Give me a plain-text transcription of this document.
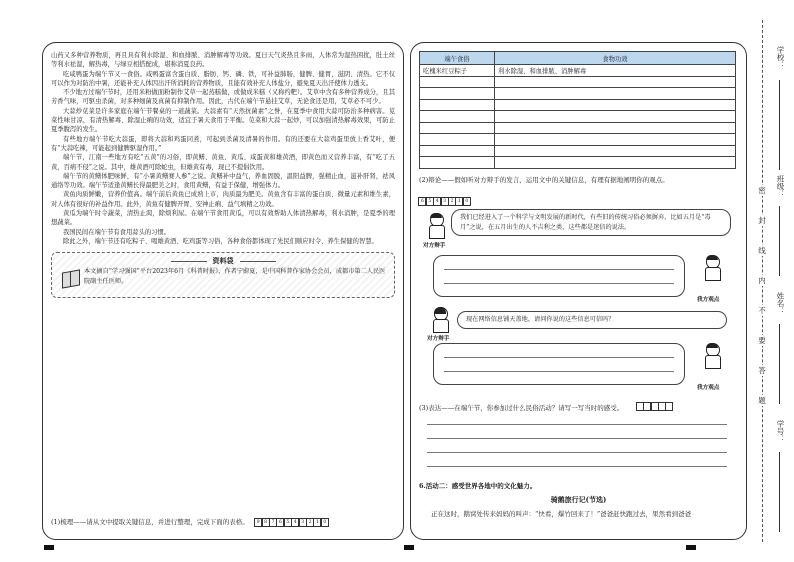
山药又多种营养物质，再且具有利水除湿、和血排脓、消肿解毒等功效。夏日天气炎热且多雨，人体常为湿热困扰，肚土丝等利水祛湿，解热毒，与绿豆相搭配成，堪称消夏良药。

吃咸鸭蛋为端午节又一食俗。咸鸭蛋富含蛋白质、脂肪、钙、磷、铁，可补益肺肠，健脾、健胃、滋阴、清热。它不仅可以作为对防治中暑，还能补充人体因出汗所消耗的营养物质，且能有效补充人体盐分，避免夏天出汗使体力透支。

不少地方过端午节时，还用米粉做面粉制作艾草一起蒸糕做，或做成米糕（又称约粑）。艾草中含有多种营养成分，且其芳香气味，可驱虫杀菌，对多种细菌及真菌有抑制作用。因此，古代在端午节悬挂艾草，无论食还是用，艾草必不可少。

大蒜炒苋菜是许多家庭在端午节餐桌的一道蔬菜。大蒜素有“天然抗菌素”之誉，在夏季中食用大蒜可防治多种病害。苋菜性味甘凉，有清热解毒、除湿止痢的功效，适宜于暑天食用于平衡。苋菜和大蒜一起炒，可以加强清热解毒效果，可防止夏季腹泻的发生。

有些地方端午节吃大蒜蛋，即将大蒜和鸡蛋同煮，可起到杀菌及清暑的作用。有的还要在大蒜鸡蛋里放上香艾叶，便有“大蒜吃辣，可能起到健脾驱湿作用。”

端午节，江南一些地方有吃“五黄”的习俗，即黄鳝、黄鱼、黄瓜、咸蛋黄和雄黄酒，即黄色而又营养丰富，有“吃了五黄，百病不侵”之说。其中，雄黄酒可除蛇虫，但雄黄有毒，现已不提倡饮用。

端午节的黄鳝体肥味鲜，有“小暑黄鳝赛人参”之说。黄鳝补中益气，养血固脱，温阳益脾，强精止血，滋补肝肾，祛风通络等功效。端午节适逢黄鳝长得最肥美之时，食用黄鳝，有益于保健，增强体力。

黄鱼肉质鲜嫩，营养价值高。端午前后黄鱼已成熟上市，肉质最为肥美。黄鱼含有丰富的蛋白质、微量元素和维生素，对人体有很好的补益作用。此外，黄鱼有健脾开胃、安神止痢、益气填精之功效。

黄瓜为端午时令蔬菜，清热止渴，除烦利尿。在端午节食用黄瓜，可以有效帮助人体清热解毒，利水消肿，是夏季的理想蔬菜。

我国民间在端午节有食用蒜头的习惯。

除此之外，端午节还有吃粽子、喝雄黄酒、吃鸡蛋等习俗，各种食俗都体现了先民们顺应时令、养生保健的智慧。

资料袋
本文摘自“学习强国”平台2023年6月《科普时报》，作者宁蔚夏，是中国科普作家协会会员，成都市第二人民医院副主任医师。
(1)梳理——请从文中提取关键信息，并进行整理，完成下面的表格。 9 8 7 6 5 4 3 2 1 0
端午食俗	食物功效
吃槐米红豆粽子	利水除湿、和血排脓、消肿解毒

(2)辩论——假如听对方辩手的发言，运用文中的关键信息，有理有据地阐明你的观点。

6 5 4 3 2 1 0
对方辩手
我们已经进入了一个科学与文明发展的新时代，有些旧的传统习俗必须摒弃，比如五月是“毒月”之说，在五月出生的人不吉利之类，这些都是迷信的说法。
我方观点
对方辩手
现在网络信息铺天盖地，请问你说的这些信息可信吗？
我方观点
(3)表达——在端午节，你参加过什么民俗活动？请写一写当时的感受。

6.活动二：感受世界各地中的文化魅力。

骑鹅旅行记(节选)

正在这时，鹅窝处传来妈妈的叫声：“快看，爆竹回来了！”爸爸赶快跑过去，果然看到爸爸

密
封
线
内
不
要
答
题
学校：
班级：
姓名：
学号：
